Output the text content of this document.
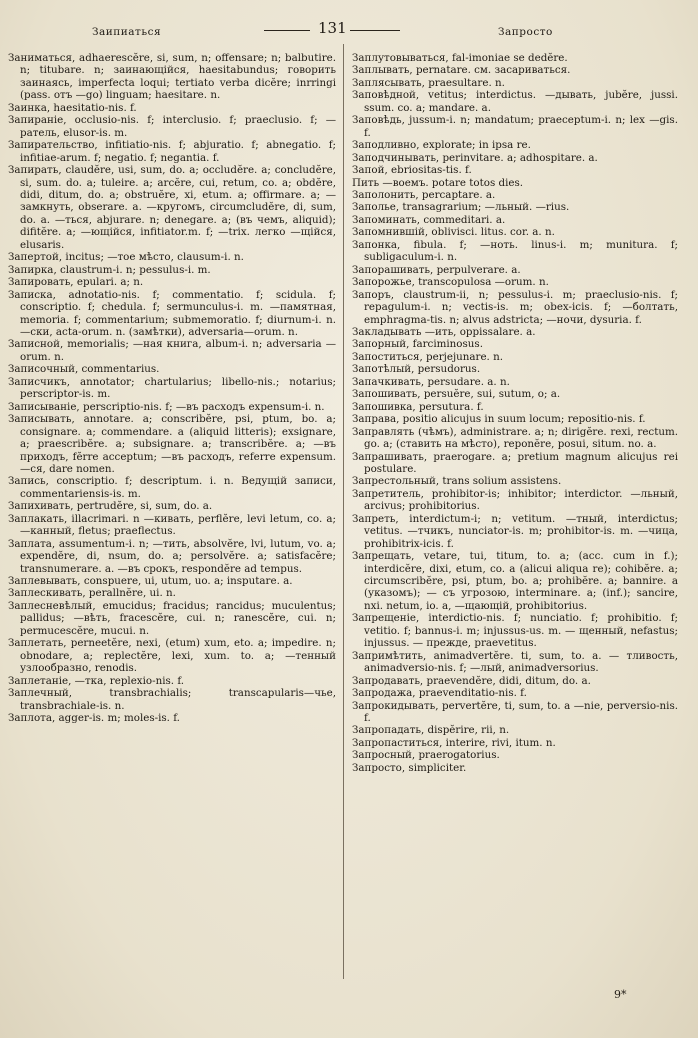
Заипиаться	131	Запросто

Заниматься, adhaerescĕre, si, sum, n; offensare; n; balbutire. n; titubare. n; заинающійся, haesitabundus; говорить заинаясь, imperfecta loqui; tertiato verba dicĕre; inrringi (pass. отъ —go) linguam; haesitare. n.

Заинка, haesitatio-nis. f.

Запираніе, occlusio-nis. f; interclusio. f; praeclusio. f; —ратель, elusor-is. m.

Запирательство, infitiatio-nis. f; abjuratio. f; abnegatio. f; infitiae-arum. f; negatio. f; negantia. f.

Запирать, claudĕre, usi, sum, do. a; occludĕre. a; concludĕre, si, sum. do. a; tuleire. a; arcĕre, cui, retum, co. a; obdĕre, didi, ditum, do. a; obstruĕre, xi, etum. a; offirmare. a; —замкнуть, obserare. a. —кругомъ, circumcludĕre, di, sum, do. a. —ться, abjurare. n; denegare. a; (въ чемъ, aliquid); difitĕre. a; —ющійся, infitiator.m. f; —trix. легко —щійся, elusaris.

Запертой, incitus; —тое мѣсто, clausum-i. n.

Запирка, claustrum-i. n; pessulus-i. m.

Запировать, epulari. a; n.

Записка, adnotatio-nis. f; commentatio. f; scidula. f; conscriptio. f; chedula. f; sermunculus-i. m. —памятная, memoria. f; commentarium; submemoratio. f; diurnum-i. n. —ски, acta-orum. n. (замѣтки), adversaria—orum. n.

Записной, memorialis; —ная книга, album-i. n; adversaria —orum. n.

Записочный, commentarius.

Записчикъ, annotator; chartularius; libello-nis.; notarius; perscriptor-is. m.

Записываніе, perscriptio-nis. f; —въ расходъ expensum-i. n.

Записывать, annotare. a; conscribĕre, psi, ptum, bo. a; consignare. a; commendare. a (aliquid litteris); exsignare, a; praescribĕre. a; subsignare. a; transcribĕre. a; —въ приходъ, fĕrre acceptum; —въ расходъ, referre expensum. —ся, dare nomen.

Запись, conscriptio. f; descriptum. i. n. Ведущій записи, commentariensis-is. m.

Запихивать, pertrudĕre, si, sum, do. a.

Заплакать, illacrimari. n —кивать, perflĕre, levi letum, co. a; —канный, fletus; praeflectus.

Заплата, assumentum-i. n; —тить, absolvĕre, lvi, lutum, vo. a; expendĕre, di, nsum, do. a; persolvĕre. a; satisfacĕre; transnumerare. a. —въ срокъ, respondĕre ad tempus.

Заплевывать, conspuere, ui, utum, uo. a; insputare. a.

Заплескивать, perallnĕre, ui. n.

Заплесневѣлый, emucidus; fracidus; rancidus; muculentus; pallidus; —вѣть, fracescĕre, cui. n; ranescĕre, cui. n; permucescĕre, mucui. n.

Заплетать, perneetĕre, nexi, (etum) xum, eto. a; impedire. n; obnodare, a; replectĕre, lexi, xum. to. a; —тенный узлообразно, renodis.

Заплетаніе, —тка, replexio-nis. f.

Заплечный, transbrachialis; transcapularis—чье, transbrachiale-is. n.

Заплота, agger-is. m; moles-is. f.

Заплутовываться, fal-imoniae se dedĕre.

Заплывать, pernatare. см. засариваться.

Заплясывать, praesultare. n.

Заповѣдной, vetitus; interdictus. —дывать, jubĕre, jussi. ssum. co. a; mandare. a.

Заповѣдь, jussum-i. n; mandatum; praeceptum-i. n; lex —gis. f.

Заподливно, explorate; in ipsa re.

Заподчинывать, perinvitare. a; adhospitare. a.

Запой, ebriositas-tis. f.

Пить —воемъ. potare totos dies.

Заполонить, percaptare. a.

Заполье, transagrarium; —льный. —rius.

Запоминать, commeditari. a.

Запомнившій, oblivisci. litus. cor. a. n.

Запонка, fibula. f; —ноть. linus-i. m; munitura. f; subligaculum-i. n.

Запорашивать, perpulverare. a.

Запорожье, transcopulosa —orum. n.

Запоръ, claustrum-ii, n; pessulus-i. m; praeclusio-nis. f; repagulum-i. n; vectis-is. m; obex-icis. f; —болтать, emphragma-tis. n; alvus adstricta; —ночи, dysuria. f.

Закладывать —ить, oppissalare. a.

Запорный, farciminosus.

Запоститься, perjejunare. n.

Запотѣлый, persudorus.

Запачкивать, persudare. a. n.

Запошивать, persuĕre, sui, sutum, o; a.

Запошивка, persutura. f.

Заправа, positio alicujus in suum locum; repositio-nis. f.

Заправлять (чѣмъ), administrare. a; n; dirigĕre. rexi, rectum. go. a; (ставить на мѣсто), reponĕre, posui, situm. no. a.

Запрашивать, praerogare. a; pretium magnum alicujus rei postulare.

Запрестольный, trans solium assistens.

Запретитель, prohibitor-is; inhibitor; interdictor. —льный, arcivus; prohibitorius.

Запреть, interdictum-i; n; vetitum. —тный, interdictus; vetitus. —тчикъ, nunciator-is. m; prohibitor-is. m. —чица, prohibitrix-icis. f.

Запрещать, vetare, tui, titum, to. a; (acc. cum in f.); interdicĕre, dixi, etum, co. a (alicui aliqua re); cohibĕre. a; circumscribĕre, psi, ptum, bo. a; prohibĕre. a; bannire. a (указомъ); — съ угрозою, interminare. a; (inf.); sancire, nxi. netum, io. a, —щающій, prohibitorius.

Запрещеніе, interdictio-nis. f; nunciatio. f; prohibitio. f; vetitio. f; bannus-i. m; injussus-us. m. — щенный, nefastus; injussus. — прежде, praevetitus.

Запримѣтить, animadvertĕre. ti, sum, to. a. — тливость, animadversio-nis. f; —лый, animadversorius.

Запродавать, praevendĕre, didi, ditum, do. a.

Запродажа, praevenditatio-nis. f.

Запрокидывать, pervertĕre, ti, sum, to. a —nie, perversio-nis. f.

Запропадать, dispĕrire, rii, n.

Запропаститься, interire, rivi, itum. n.

Запросный, praerogatorius.

Запросто, simpliciter.

9*
